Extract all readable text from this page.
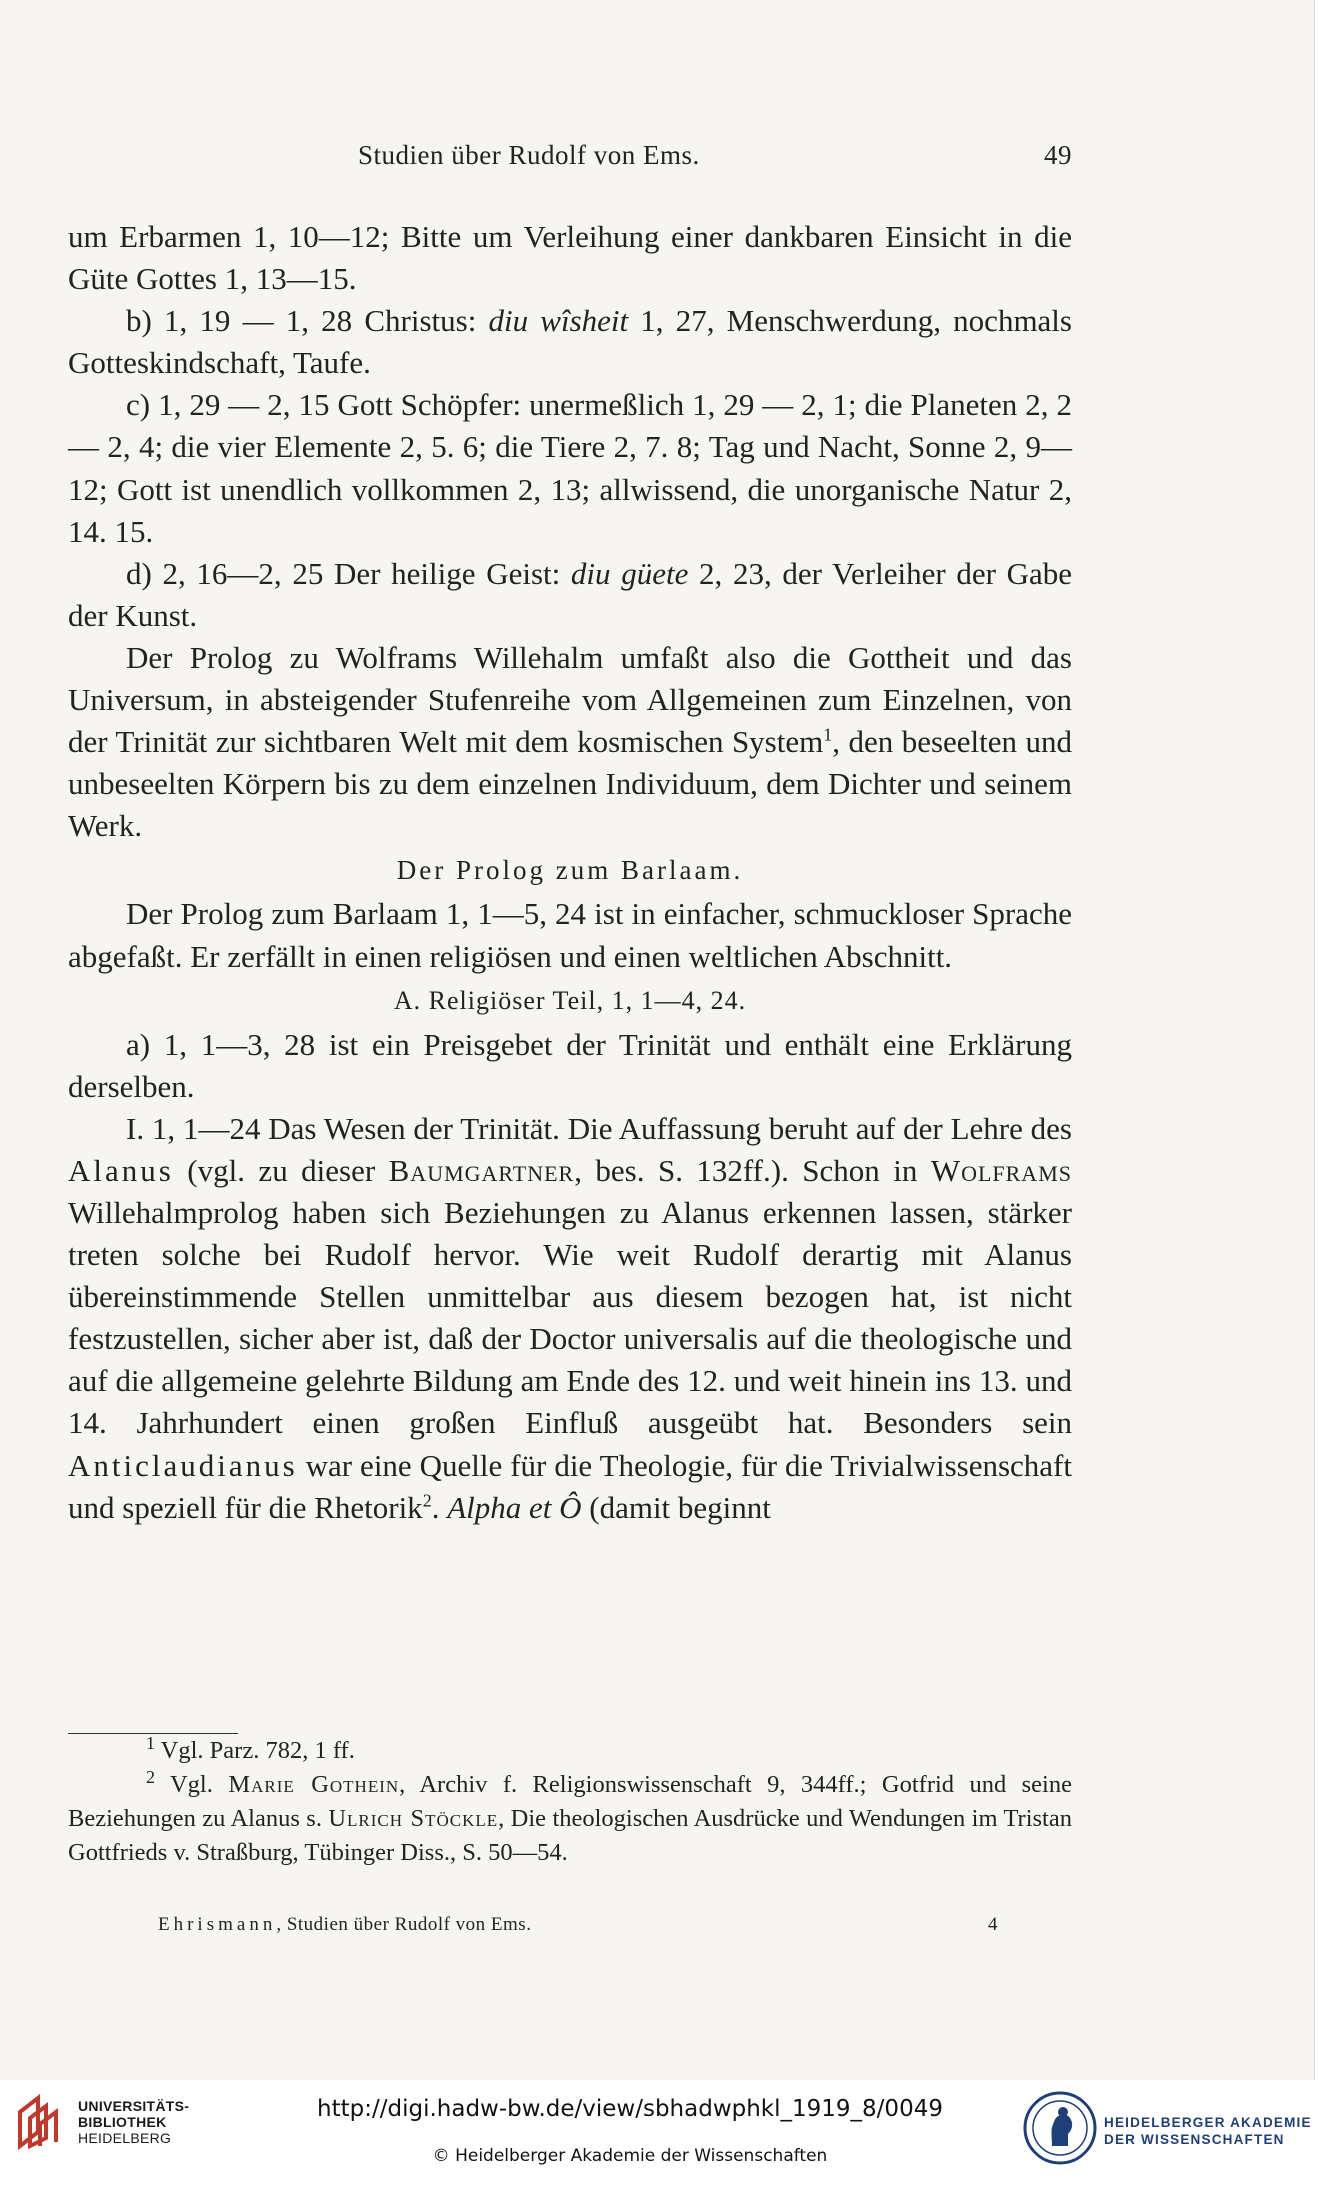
Studien über Rudolf von Ems.	49

um Erbarmen 1, 10—12; Bitte um Verleihung einer dankbaren Einsicht in die Güte Gottes 1, 13—15.

b) 1, 19 — 1, 28 Christus: diu wîsheit 1, 27, Menschwerdung, nochmals Gotteskindschaft, Taufe.

c) 1, 29 — 2, 15 Gott Schöpfer: unermeßlich 1, 29 — 2, 1; die Planeten 2, 2 — 2, 4; die vier Elemente 2, 5. 6; die Tiere 2, 7. 8; Tag und Nacht, Sonne 2, 9—12; Gott ist unendlich vollkommen 2, 13; allwissend, die unorganische Natur 2, 14. 15.

d) 2, 16—2, 25 Der heilige Geist: diu güete 2, 23, der Verleiher der Gabe der Kunst.

Der Prolog zu Wolframs Willehalm umfaßt also die Gottheit und das Universum, in absteigender Stufenreihe vom Allgemeinen zum Einzelnen, von der Trinität zur sichtbaren Welt mit dem kosmischen System$^1$, den beseelten und unbeseelten Körpern bis zu dem einzelnen Individuum, dem Dichter und seinem Werk.

Der Prolog zum Barlaam.

Der Prolog zum Barlaam 1, 1—5, 24 ist in einfacher, schmuckloser Sprache abgefaßt. Er zerfällt in einen religiösen und einen weltlichen Abschnitt.

A. Religiöser Teil, 1, 1—4, 24.

a) 1, 1—3, 28 ist ein Preisgebet der Trinität und enthält eine Erklärung derselben.

I. 1, 1—24 Das Wesen der Trinität. Die Auffassung beruht auf der Lehre des Alanus (vgl. zu dieser Baumgartner, bes. S. 132ff.). Schon in Wolframs Willehalmprolog haben sich Beziehungen zu Alanus erkennen lassen, stärker treten solche bei Rudolf hervor. Wie weit Rudolf derartig mit Alanus übereinstimmende Stellen unmittelbar aus diesem bezogen hat, ist nicht festzustellen, sicher aber ist, daß der Doctor universalis auf die theologische und auf die allgemeine gelehrte Bildung am Ende des 12. und weit hinein ins 13. und 14. Jahrhundert einen großen Einfluß ausgeübt hat. Besonders sein Anticlaudianus war eine Quelle für die Theologie, für die Trivialwissenschaft und speziell für die Rhetorik$^2$. Alpha et Ô (damit beginnt

$^1$ Vgl. Parz. 782, 1 ff.

$^2$ Vgl. Marie Gothein, Archiv f. Religionswissenschaft 9, 344ff.; Gotfrid und seine Beziehungen zu Alanus s. Ulrich Stöckle, Die theologischen Ausdrücke und Wendungen im Tristan Gottfrieds v. Straßburg, Tübinger Diss., S. 50—54.

Ehrismann, Studien über Rudolf von Ems.	4
UNIVERSITÄTS-
BIBLIOTHEK
HEIDELBERG
http://digi.hadw-bw.de/view/sbhadwphkl_1919_8/0049
© Heidelberger Akademie der Wissenschaften
HEIDELBERGER AKADEMIE
DER WISSENSCHAFTEN
